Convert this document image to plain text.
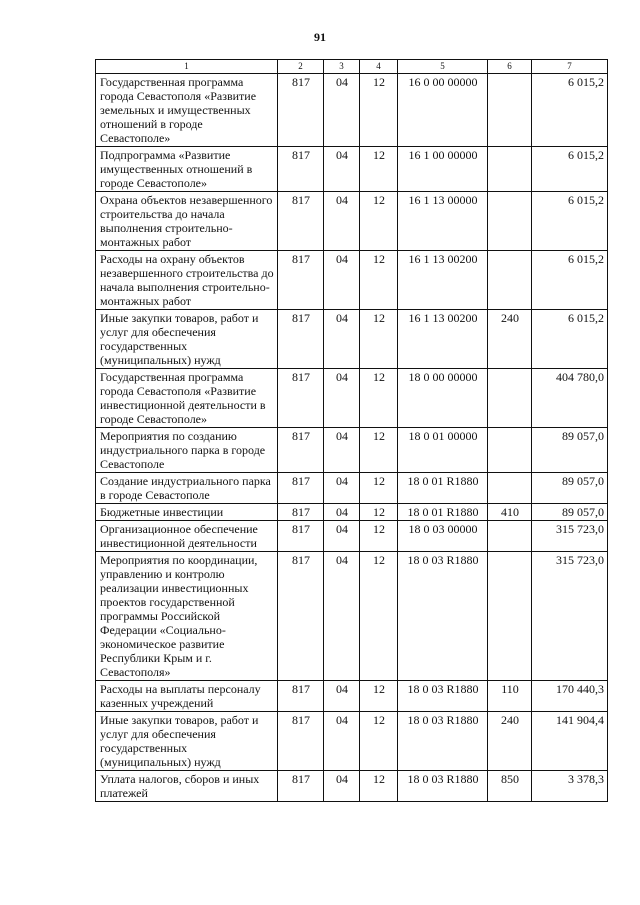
91
1	2	3	4	5	6	7
Государственная программа города Севастополя «Развитие земельных и имущественных отношений в городе Севастополе»	817	04	12	16 0 00 00000		6 015,2
Подпрограмма «Развитие имущественных отношений в городе Севастополе»	817	04	12	16 1 00 00000		6 015,2
Охрана объектов незавершенного строительства до начала выполнения строительно-монтажных работ	817	04	12	16 1 13 00000		6 015,2
Расходы на охрану объектов незавершенного строительства до начала выполнения строительно-монтажных работ	817	04	12	16 1 13 00200		6 015,2
Иные закупки товаров, работ и услуг для обеспечения государственных (муниципальных) нужд	817	04	12	16 1 13 00200	240	6 015,2
Государственная программа города Севастополя «Развитие инвестиционной деятельности в городе Севастополе»	817	04	12	18 0 00 00000		404 780,0
Мероприятия по созданию индустриального парка в городе Севастополе	817	04	12	18 0 01 00000		89 057,0
Создание индустриального парка в городе Севастополе	817	04	12	18 0 01 R1880		89 057,0
Бюджетные инвестиции	817	04	12	18 0 01 R1880	410	89 057,0
Организационное обеспечение инвестиционной деятельности	817	04	12	18 0 03 00000		315 723,0
Мероприятия по координации, управлению и контролю реализации инвестиционных проектов государственной программы Российской Федерации «Социально-экономическое развитие Республики Крым и г. Севастополя»	817	04	12	18 0 03 R1880		315 723,0
Расходы на выплаты персоналу казенных учреждений	817	04	12	18 0 03 R1880	110	170 440,3
Иные закупки товаров, работ и услуг для обеспечения государственных (муниципальных) нужд	817	04	12	18 0 03 R1880	240	141 904,4
Уплата налогов, сборов и иных платежей	817	04	12	18 0 03 R1880	850	3 378,3
